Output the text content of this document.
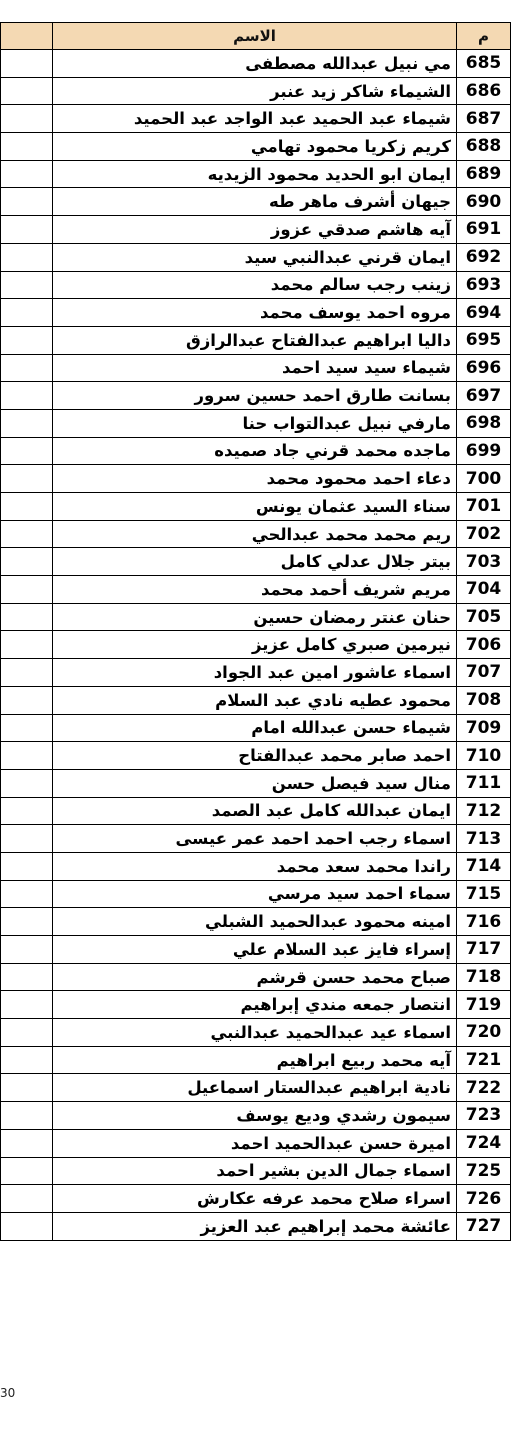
م	الاسم	
685	مي نبيل عبدالله مصطفى	
686	الشيماء شاكر زيد عنبر	
687	شيماء عبد الحميد عبد الواجد عبد الحميد	
688	كريم زكريا محمود تهامي	
689	ايمان ابو الحديد محمود الزيديه	
690	جيهان أشرف ماهر طه	
691	آيه هاشم صدقي عزوز	
692	ايمان قرني عبدالنبي سيد	
693	زينب رجب سالم محمد	
694	مروه احمد يوسف محمد	
695	داليا ابراهيم عبدالفتاح عبدالرازق	
696	شيماء سيد سيد احمد	
697	بسانت طارق احمد حسين سرور	
698	مارفي نبيل عبدالتواب حنا	
699	ماجده محمد قرني جاد صميده	
700	دعاء احمد محمود محمد	
701	سناء السيد عثمان يونس	
702	ريم محمد محمد عبدالحي	
703	بيتر جلال عدلي كامل	
704	مريم شريف أحمد محمد	
705	حنان عنتر رمضان حسين	
706	نيرمين صبري كامل عزيز	
707	اسماء عاشور امين عبد الجواد	
708	محمود عطيه نادي عبد السلام	
709	شيماء حسن عبدالله امام	
710	احمد صابر محمد عبدالفتاح	
711	منال سيد فيصل حسن	
712	ايمان عبدالله كامل عبد الصمد	
713	اسماء رجب احمد احمد عمر عيسى	
714	راندا محمد سعد محمد	
715	سماء احمد سيد مرسي	
716	امينه محمود عبدالحميد الشبلي	
717	إسراء فايز عبد السلام علي	
718	صباح محمد حسن قرشم	
719	انتصار جمعه مندي إبراهيم	
720	اسماء عيد عبدالحميد عبدالنبي	
721	آيه محمد ربيع ابراهيم	
722	نادية ابراهيم عبدالستار اسماعيل	
723	سيمون رشدي وديع يوسف	
724	اميرة حسن عبدالحميد احمد	
725	اسماء جمال الدين بشير احمد	
726	اسراء صلاح محمد عرفه عكارش	
727	عائشة محمد إبراهيم عبد العزيز	
30
